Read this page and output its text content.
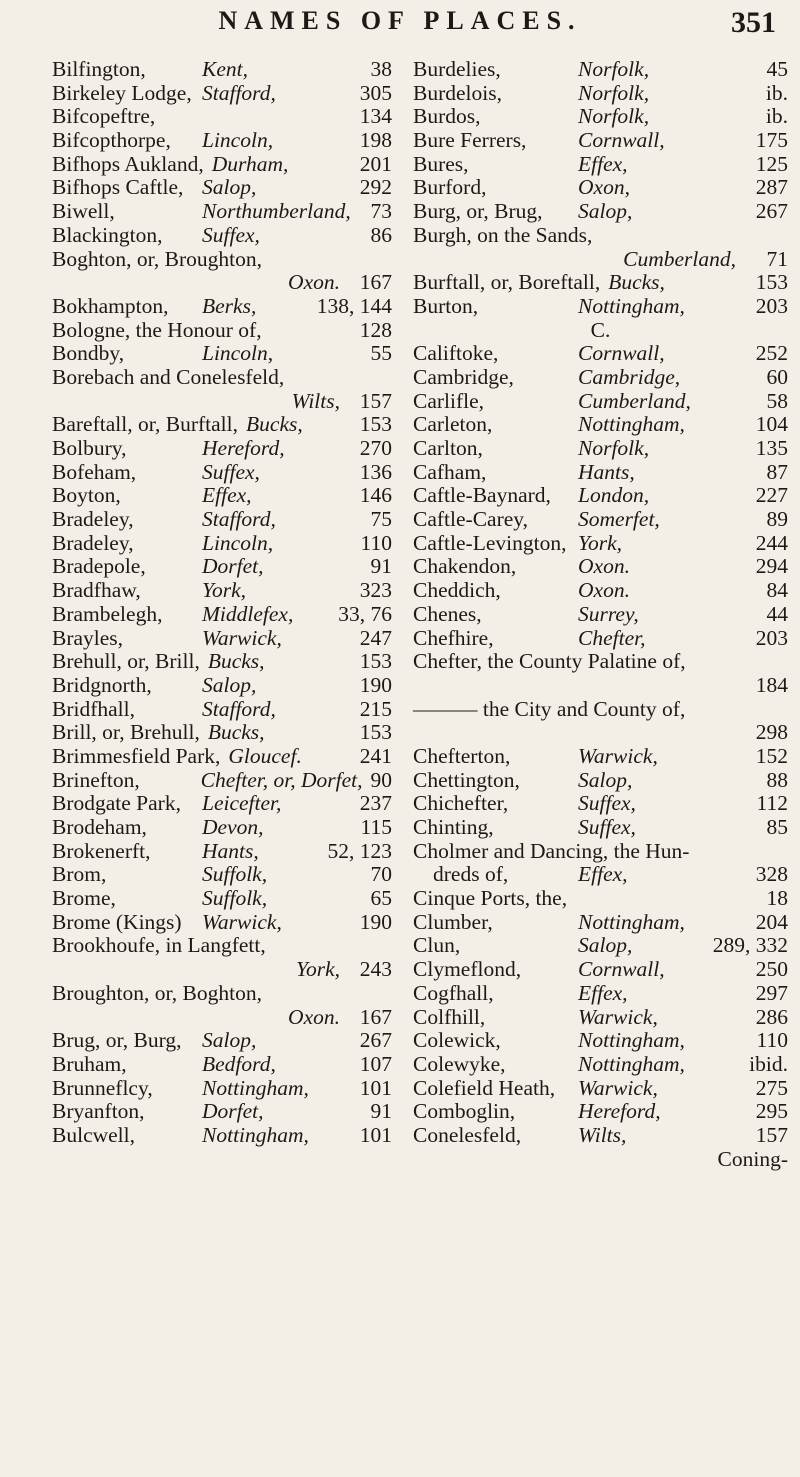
NAMES OF PLACES.	351
Bilfington,	Kent,	38
Birkeley Lodge, Stafford,	305
Bifcopeftre,	134
Bifcopthorpe, Lincoln,	198
Bifhops Aukland, Durham,	201
Bifhops Caftle, Salop,	292
Biwell,	Northumberland, 73
Blackington, Suffex,	86
Boghton, or, Broughton,
Oxon. 167
Bokhampton, Berks,	138, 144
Bologne, the Honour of,	128
Bondby,	Lincoln,	55
Borebach and Conelesfeld,
Wilts, 157
Bareftall, or, Burftall, Bucks,	153
Bolbury,	Hereford,	270
Bofeham,	Suffex,	136
Boyton,	Effex,	146
Bradeley,	Stafford,	75
Bradeley,	Lincoln,	110
Bradepole,	Dorfet,	91
Bradfhaw,	York,	323
Brambelegh, Middlefex, 33, 76
Brayles,	Warwick,	247
Brehull, or, Brill, Bucks,	153
Bridgnorth, Salop,	190
Bridfhall,	Stafford,	215
Brill, or, Brehull, Bucks,	153
Brimmesfield Park, Gloucef.	241
Brinefton,	Chefter, or, Dorfet, 90
Brodgate Park, Leicefter,	237
Brodeham,	Devon,	115
Brokenerft, Hants,	52, 123
Brom,	Suffolk,	70
Brome,	Suffolk,	65
Brome (Kings) Warwick,	190
Brookhoufe, in Langfett,
York, 243
Broughton, or, Boghton,
Oxon. 167
Brug, or, Burg, Salop,	267
Bruham,	Bedford,	107
Brunneflcy, Nottingham, 101
Bryanfton,	Dorfet,	91
Bulcwell,	Nottingham, 101
Burdelies,	Norfolk,	45
Burdelois,	Norfolk,	ib.
Burdos,	Norfolk,	ib.
Bure Ferrers, Cornwall,	175
Bures,	Effex,	125
Burford,	Oxon,	287
Burg, or, Brug, Salop,	267
Burgh, on the Sands,
Cumberland, 71
Burftall, or, Boreftall, Bucks,	153
Burton,	Nottingham,	203
C.
Califtoke,	Cornwall,	252
Cambridge,	Cambridge,	60
Carlifle,	Cumberland,	58
Carleton,	Nottingham,	104
Carlton,	Norfolk,	135
Cafham,	Hants,	87
Caftle-Baynard, London,	227
Caftle-Carey, Somerfet,	89
Caftle-Levington, York,	244
Chakendon,	Oxon.	294
Cheddich,	Oxon.	84
Chenes,	Surrey,	44
Chefhire,	Chefter,	203
Chefter, the County Palatine of,
184
——— the City and County of,
298
Chefterton,	Warwick,	152
Chettington,	Salop,	88
Chichefter,	Suffex,	112
Chinting,	Suffex,	85
Cholmer and Dancing, the Hun-
dreds of,	Effex,	328
Cinque Ports, the,	18
Clumber,	Nottingham,	204
Clun,	Salop,	289, 332
Clymeflond,	Cornwall,	250
Cogfhall,	Effex,	297
Colfhill,	Warwick,	286
Colewick,	Nottingham,	110
Colewyke,	Nottingham,	ibid.
Colefield Heath, Warwick,	275
Comboglin,	Hereford,	295
Conelesfeld,	Wilts,	157
Coning-
